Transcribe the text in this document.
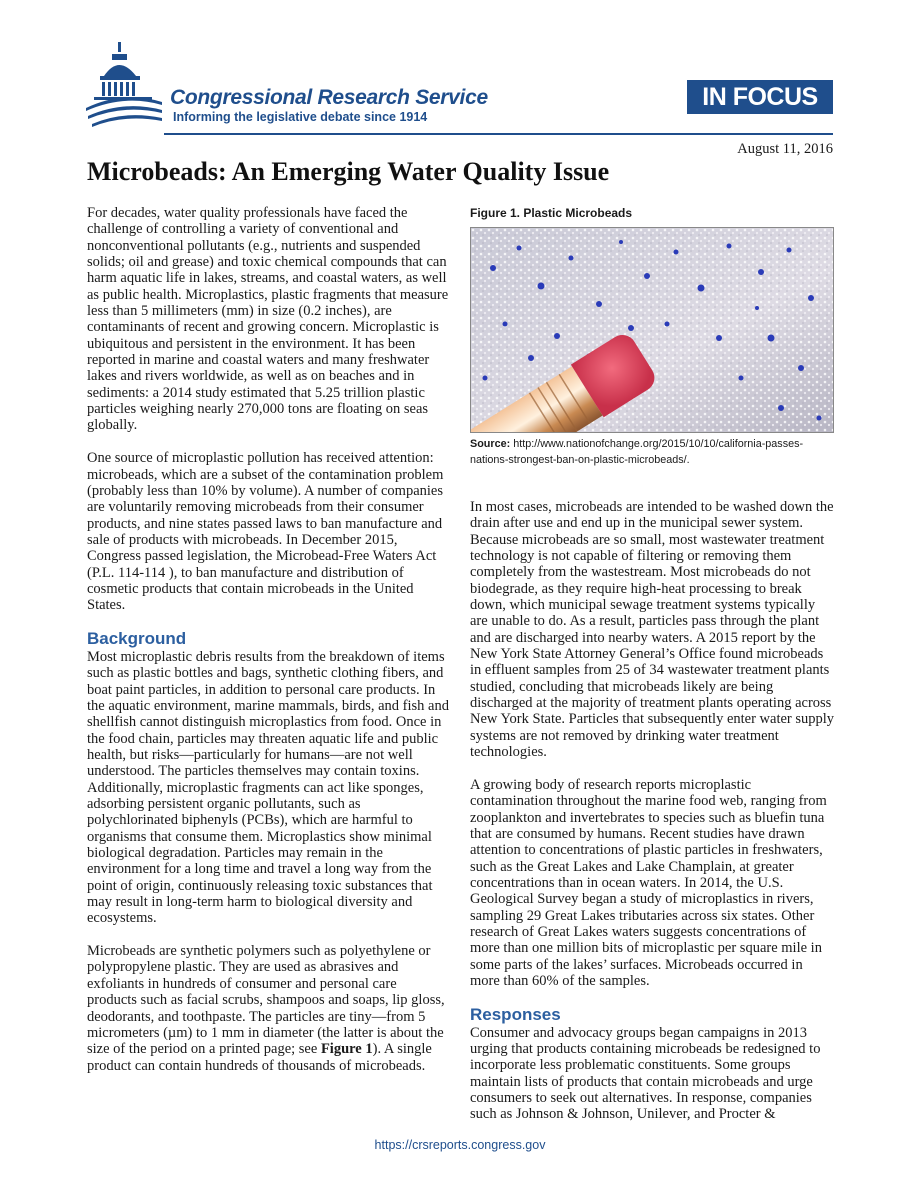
Congressional Research Service
Informing the legislative debate since 1914
IN FOCUS
August 11, 2016
Microbeads: An Emerging Water Quality Issue

For decades, water quality professionals have faced the challenge of controlling a variety of conventional and nonconventional pollutants (e.g., nutrients and suspended solids; oil and grease) and toxic chemical compounds that can harm aquatic life in lakes, streams, and coastal waters, as well as public health. Microplastics, plastic fragments that measure less than 5 millimeters (mm) in size (0.2 inches), are contaminants of recent and growing concern. Microplastic is ubiquitous and persistent in the environment. It has been reported in marine and coastal waters and many freshwater lakes and rivers worldwide, as well as on beaches and in sediments: a 2014 study estimated that 5.25 trillion plastic particles weighing nearly 270,000 tons are floating on seas globally.

One source of microplastic pollution has received attention: microbeads, which are a subset of the contamination problem (probably less than 10% by volume). A number of companies are voluntarily removing microbeads from their consumer products, and nine states passed laws to ban manufacture and sale of products with microbeads. In December 2015, Congress passed legislation, the Microbead-Free Waters Act (P.L. 114-114 ), to ban manufacture and distribution of cosmetic products that contain microbeads in the United States.

Background

Most microplastic debris results from the breakdown of items such as plastic bottles and bags, synthetic clothing fibers, and boat paint particles, in addition to personal care products. In the aquatic environment, marine mammals, birds, and fish and shellfish cannot distinguish microplastics from food. Once in the food chain, particles may threaten aquatic life and public health, but risks—particularly for humans—are not well understood. The particles themselves may contain toxins. Additionally, microplastic fragments can act like sponges, adsorbing persistent organic pollutants, such as polychlorinated biphenyls (PCBs), which are harmful to organisms that consume them. Microplastics show minimal biological degradation. Particles may remain in the environment for a long time and travel a long way from the point of origin, continuously releasing toxic substances that may result in long-term harm to biological diversity and ecosystems.

Microbeads are synthetic polymers such as polyethylene or polypropylene plastic. They are used as abrasives and exfoliants in hundreds of consumer and personal care products such as facial scrubs, shampoos and soaps, lip gloss, deodorants, and toothpaste. The particles are tiny—from 5 micrometers (µm) to 1 mm in diameter (the latter is about the size of the period on a printed page; see Figure 1). A single product can contain hundreds of thousands of microbeads.

Figure 1. Plastic Microbeads
Source: http://www.nationofchange.org/2015/10/10/california-passes-nations-strongest-ban-on-plastic-microbeads/.

In most cases, microbeads are intended to be washed down the drain after use and end up in the municipal sewer system. Because microbeads are so small, most wastewater treatment technology is not capable of filtering or removing them completely from the wastestream. Most microbeads do not biodegrade, as they require high-heat processing to break down, which municipal sewage treatment systems typically are unable to do. As a result, particles pass through the plant and are discharged into nearby waters. A 2015 report by the New York State Attorney General’s Office found microbeads in effluent samples from 25 of 34 wastewater treatment plants studied, concluding that microbeads likely are being discharged at the majority of treatment plants operating across New York State. Particles that subsequently enter water supply systems are not removed by drinking water treatment technologies.

A growing body of research reports microplastic contamination throughout the marine food web, ranging from zooplankton and invertebrates to species such as bluefin tuna that are consumed by humans. Recent studies have drawn attention to concentrations of plastic particles in freshwaters, such as the Great Lakes and Lake Champlain, at greater concentrations than in ocean waters. In 2014, the U.S. Geological Survey began a study of microplastics in rivers, sampling 29 Great Lakes tributaries across six states. Other research of Great Lakes waters suggests concentrations of more than one million bits of microplastic per square mile in some parts of the lakes’ surfaces. Microbeads occurred in more than 60% of the samples.

Responses

Consumer and advocacy groups began campaigns in 2013 urging that products containing microbeads be redesigned to incorporate less problematic constituents. Some groups maintain lists of products that contain microbeads and urge consumers to seek out alternatives. In response, companies such as Johnson & Johnson, Unilever, and Procter &

https://crsreports.congress.gov
